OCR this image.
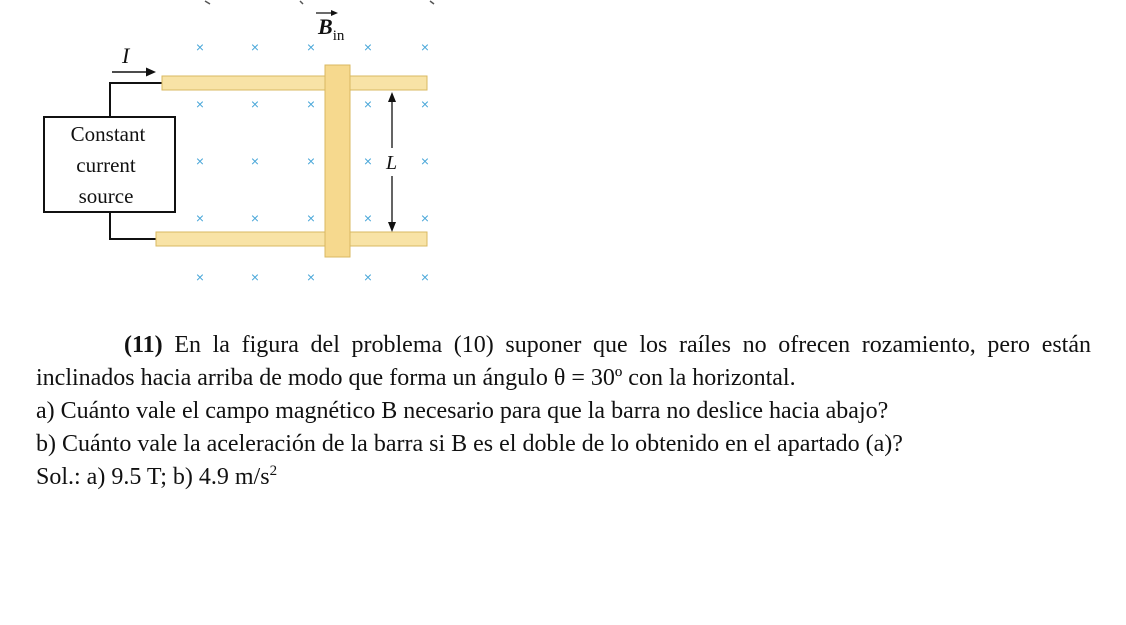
I	×	×	×	×	×
×	×	×	×	×
×	×	×	×	×
×	×	×	×	×
×	×	×	×	×
Bin
L
Constant
current
source

(11) En la figura del problema (10) suponer que los raíles no ofrecen rozamiento, pero están inclinados hacia arriba de modo que forma un ángulo θ = 30º con la horizontal.

a) Cuánto vale el campo magnético B necesario para que la barra no deslice hacia abajo?

b) Cuánto vale la aceleración de la barra si B es el doble de lo obtenido en el apartado (a)?

Sol.: a) 9.5 T; b) 4.9 $m/s^2$
